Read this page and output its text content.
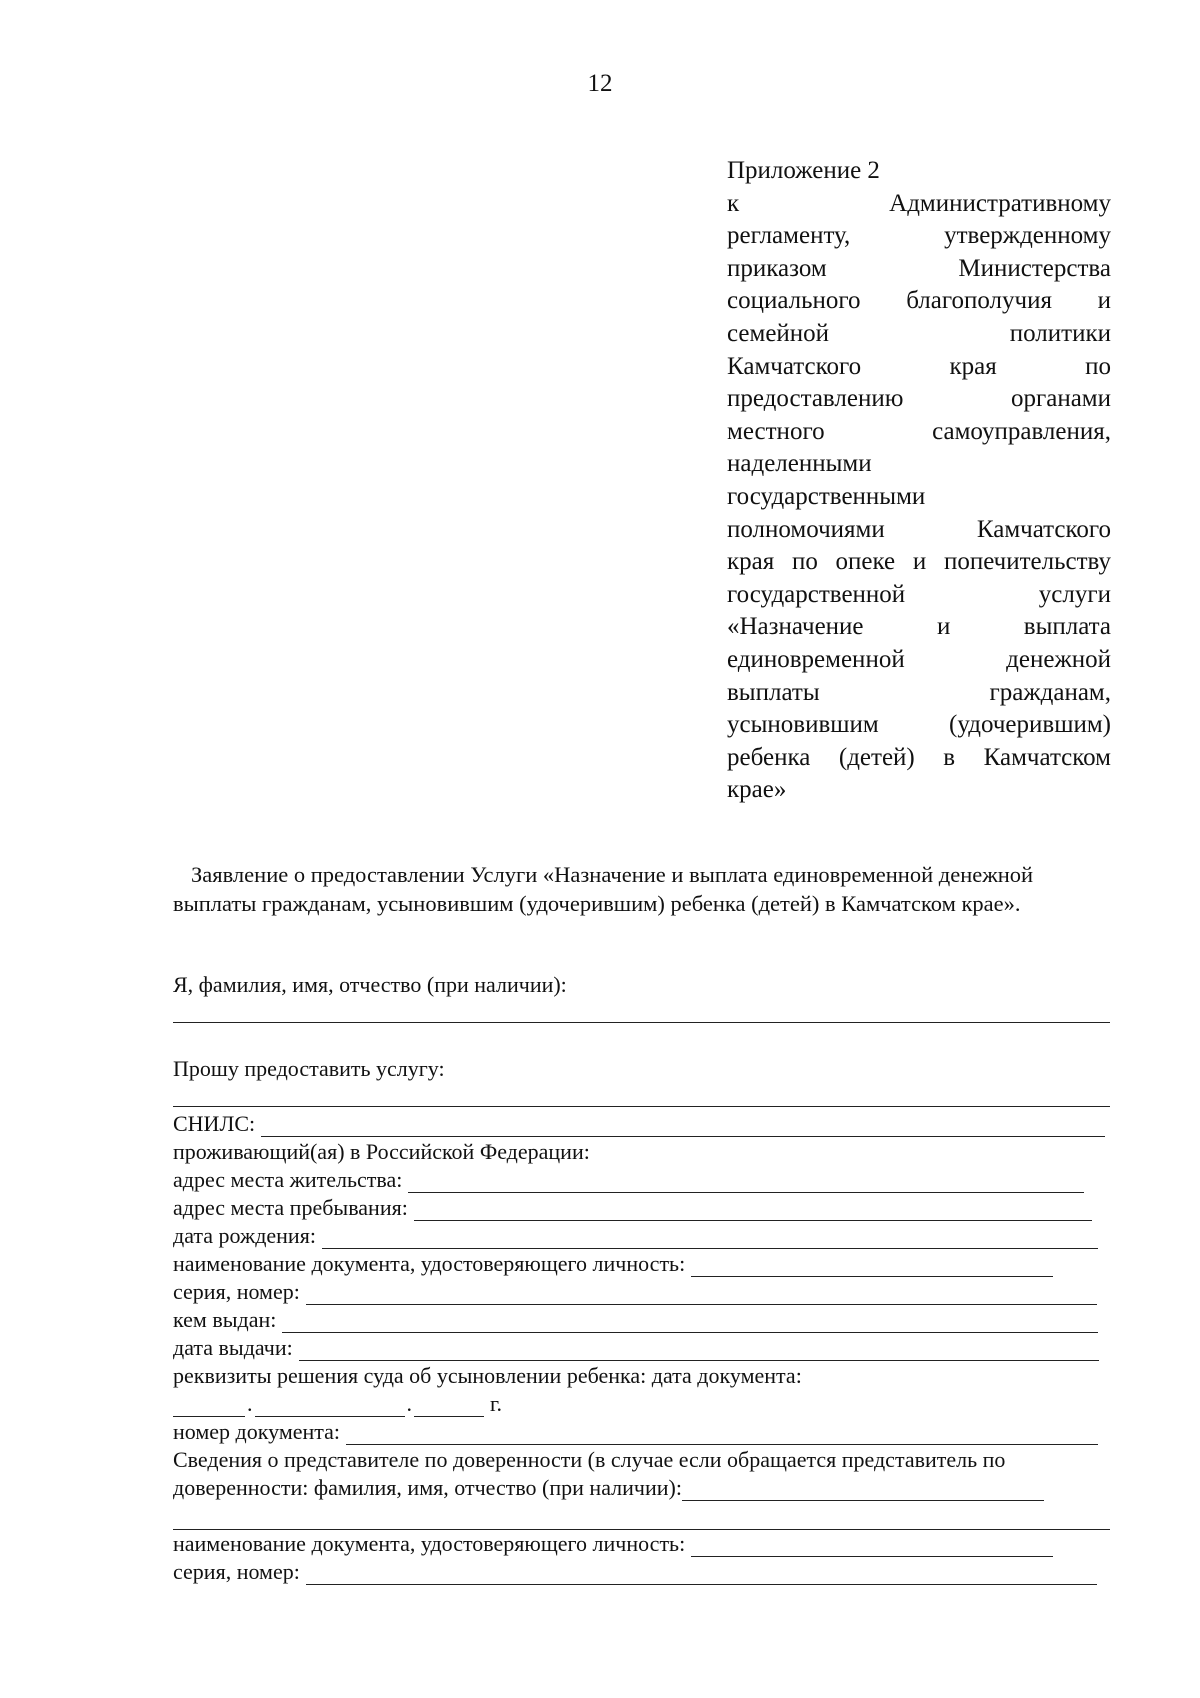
12
Приложение 2
к Административному
регламенту, утвержденному
приказом Министерства
социального благополучия и
семейной политики
Камчатского края по
предоставлению органами
местного самоуправления,
наделенными
государственными
полномочиями Камчатского
края по опеке и попечительству
государственной услуги
«Назначение и выплата
единовременной денежной
выплаты гражданам,
усыновившим (удочерившим)
ребенка (детей) в Камчатском
крае»
Заявление о предоставлении Услуги «Назначение и выплата единовременной денежной выплаты гражданам, усыновившим (удочерившим) ребенка (детей) в Камчатском крае».
Я, фамилия, имя, отчество (при наличии):
Прошу предоставить услугу:
СНИЛС:
проживающий(ая) в Российской Федерации:
адрес места жительства:
адрес места пребывания:
дата рождения:
наименование документа, удостоверяющего личность:
серия, номер:
кем выдан:
дата выдачи:
реквизиты решения суда об усыновлении ребенка: дата документа:
.	.	г.
номер документа:
Сведения о представителе по доверенности (в случае если обращается представитель по
доверенности: фамилия, имя, отчество (при наличии):
наименование документа, удостоверяющего личность:
серия, номер:
